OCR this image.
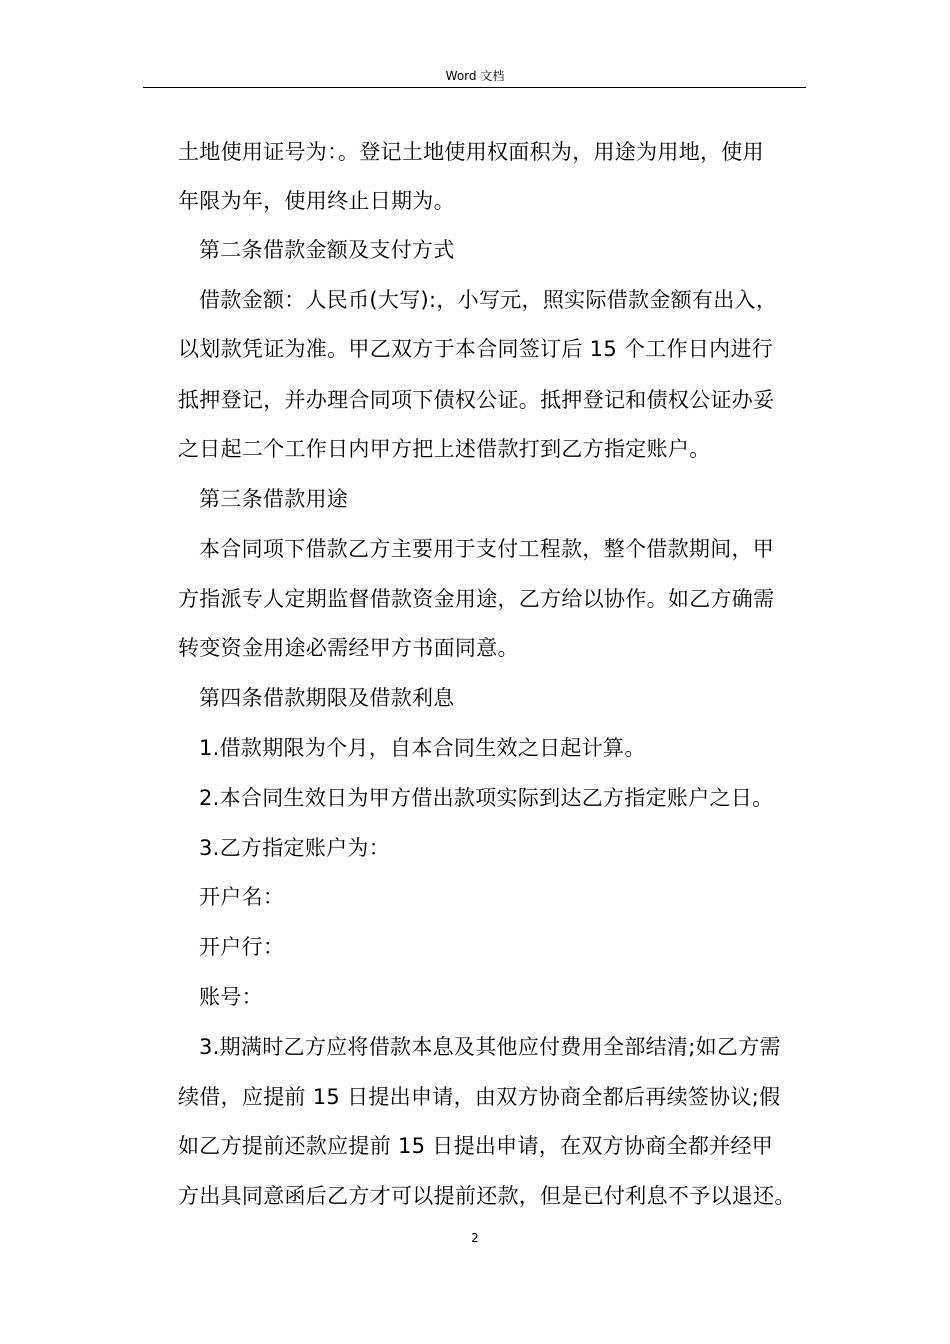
Word 文档
土地使用证号为：。登记土地使用权面积为，用途为用地，使用
年限为年，使用终止日期为。
第二条借款金额及支付方式
借款金额：人民币(大写):，小写元，照实际借款金额有出入，
以划款凭证为准。甲乙双方于本合同签订后 15 个工作日内进行
抵押登记，并办理合同项下债权公证。抵押登记和债权公证办妥
之日起二个工作日内甲方把上述借款打到乙方指定账户。
第三条借款用途
本合同项下借款乙方主要用于支付工程款，整个借款期间，甲
方指派专人定期监督借款资金用途，乙方给以协作。如乙方确需
转变资金用途必需经甲方书面同意。
第四条借款期限及借款利息
1.借款期限为个月，自本合同生效之日起计算。
2.本合同生效日为甲方借出款项实际到达乙方指定账户之日。
3.乙方指定账户为：
开户名：
开户行：
账号：
3.期满时乙方应将借款本息及其他应付费用全部结清;如乙方需
续借，应提前 15 日提出申请，由双方协商全都后再续签协议;假
如乙方提前还款应提前 15 日提出申请，在双方协商全都并经甲
方出具同意函后乙方才可以提前还款，但是已付利息不予以退还。
2
